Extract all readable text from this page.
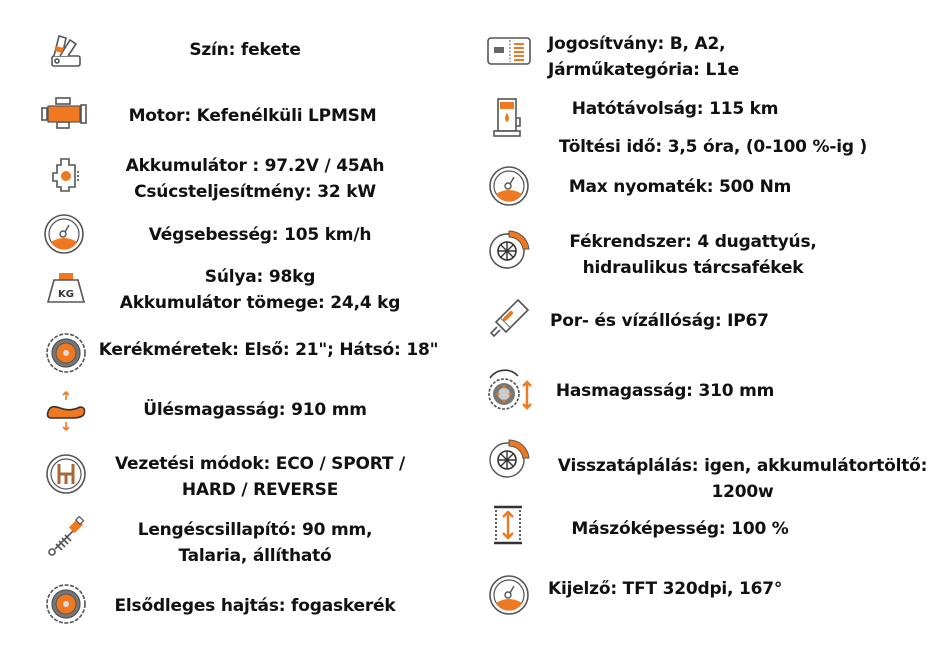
Szín: fekete
Motor: Kefenélküli LPMSM
Akkumulátor : 97.2V / 45Ah
Csúcsteljesítmény: 32 kW
Végsebesség: 105 km/h
KG
Súlya: 98kg
Akkumulátor tömege: 24,4 kg
Kerékméretek: Első: 21"; Hátsó: 18"
Ülésmagasság: 910 mm
Vezetési módok: ECO / SPORT /
HARD / REVERSE
Lengéscsillapító: 90 mm,
Talaria, állítható
Elsődleges hajtás: fogaskerék
Jogosítvány: B, A2,
Járműkategória: L1e
Hatótávolság: 115 km
Töltési idő: 3,5 óra, (0-100 %-ig )
Max nyomaték: 500 Nm
Fékrendszer: 4 dugattyús,
hidraulikus tárcsafékek
Por- és vízállóság: IP67
Hasmagasság: 310 mm
Visszatáplálás: igen, akkumulátortöltő:
1200w
Mászóképesség: 100 %
Kijelző: TFT 320dpi, 167°
